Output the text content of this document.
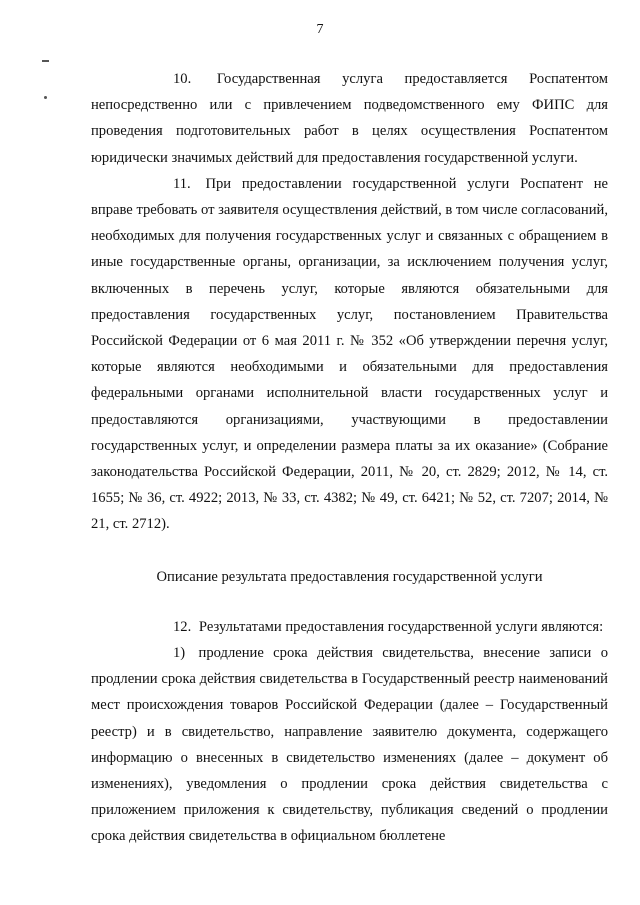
7

10. Государственная услуга предоставляется Роспатентом непосредственно или с привлечением подведомственного ему ФИПС для проведения подготовительных работ в целях осуществления Роспатентом юридически значимых действий для предоставления государственной услуги.

11. При предоставлении государственной услуги Роспатент не вправе требовать от заявителя осуществления действий, в том числе согласований, необходимых для получения государственных услуг и связанных с обращением в иные государственные органы, организации, за исключением получения услуг, включенных в перечень услуг, которые являются обязательными для предоставления государственных услуг, постановлением Правительства Российской Федерации от 6 мая 2011 г. № 352 «Об утверждении перечня услуг, которые являются необходимыми и обязательными для предоставления федеральными органами исполнительной власти государственных услуг и предоставляются организациями, участвующими в предоставлении государственных услуг, и определении размера платы за их оказание» (Собрание законодательства Российской Федерации, 2011, № 20, ст. 2829; 2012, № 14, ст. 1655; № 36, ст. 4922; 2013, № 33, ст. 4382; № 49, ст. 6421; № 52, ст. 7207; 2014, № 21, ст. 2712).

Описание результата предоставления государственной услуги

12. Результатами предоставления государственной услуги являются:

1) продление срока действия свидетельства, внесение записи о продлении срока действия свидетельства в Государственный реестр наименований мест происхождения товаров Российской Федерации (далее – Государственный реестр) и в свидетельство, направление заявителю документа, содержащего информацию о внесенных в свидетельство изменениях (далее – документ об изменениях), уведомления о продлении срока действия свидетельства с приложением приложения к свидетельству, публикация сведений о продлении срока действия свидетельства в официальном бюллетене
